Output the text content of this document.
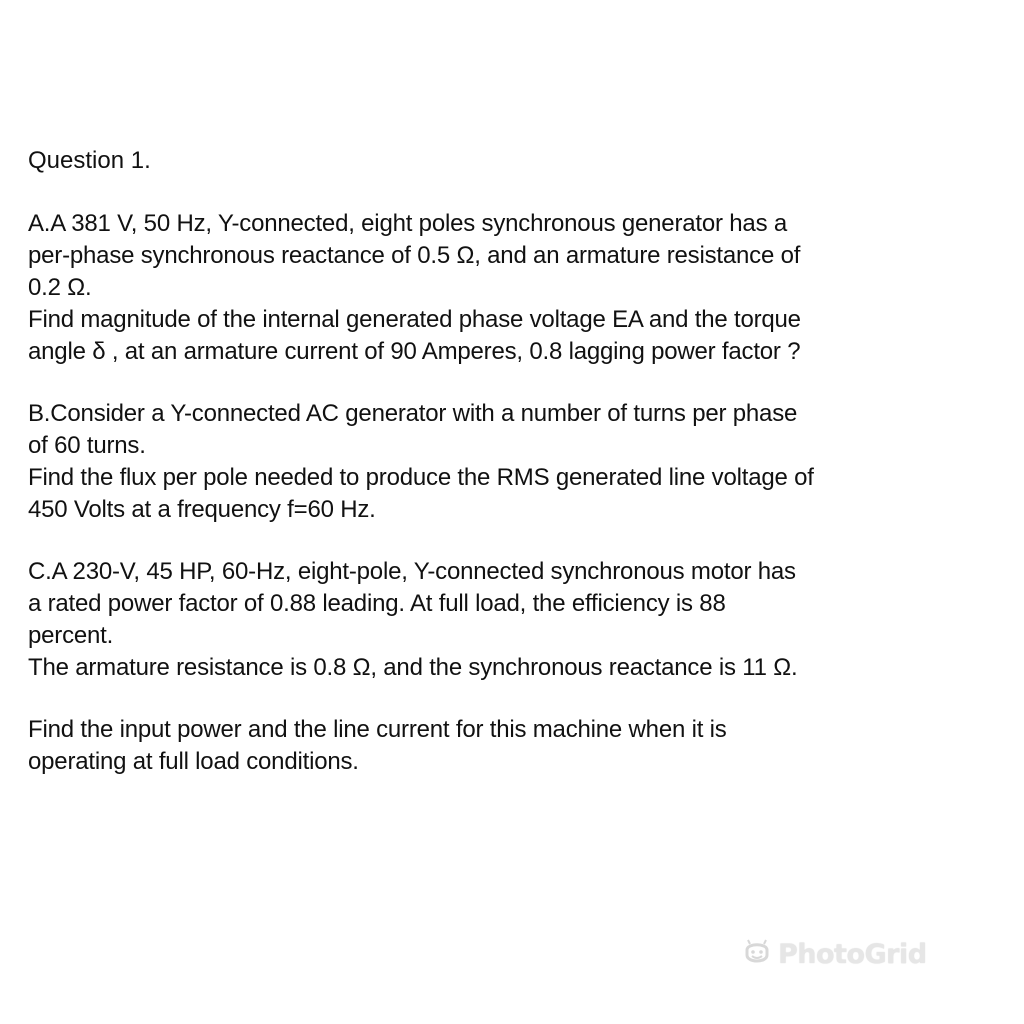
Question 1.

A.A 381 V, 50 Hz, Y-connected, eight poles synchronous generator has a

per-phase synchronous reactance of 0.5 Ω, and an armature resistance of

0.2 Ω.

Find magnitude of the internal generated phase voltage EA and the torque

angle δ , at an armature current of 90 Amperes, 0.8 lagging power factor ?

B.Consider a Y-connected AC generator with a number of turns per phase

of 60 turns.

Find the flux per pole needed to produce the RMS generated line voltage of

450 Volts at a frequency f=60 Hz.

C.A 230-V, 45 HP, 60-Hz, eight-pole, Y-connected synchronous motor has

a rated power factor of 0.88 leading. At full load, the efficiency is 88

percent.

The armature resistance is 0.8 Ω, and the synchronous reactance is 11 Ω.

Find the input power and the line current for this machine when it is

operating at full load conditions.

PhotoGrid
